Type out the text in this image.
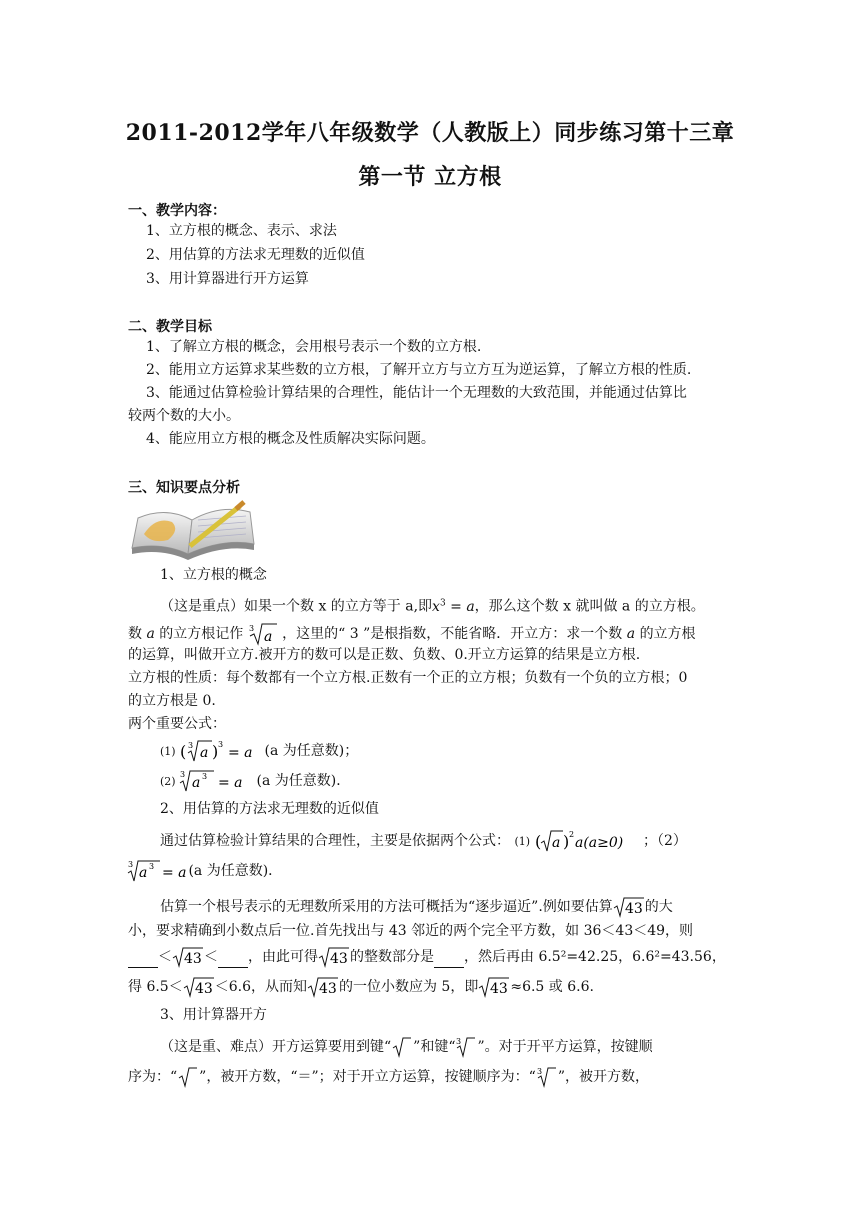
2011-2012学年八年级数学（人教版上）同步练习第十三章
第一节 立方根
一、教学内容：
1、立方根的概念、表示、求法
2、用估算的方法求无理数的近似值
3、用计算器进行开方运算
二、教学目标
1、了解立方根的概念，会用根号表示一个数的立方根.
2、能用立方运算求某些数的立方根，了解开立方与立方互为逆运算，了解立方根的性质.
3、能通过估算检验计算结果的合理性，能估计一个无理数的大致范围，并能通过估算比
较两个数的大小。
4、能应用立方根的概念及性质解决实际问题。
三、知识要点分析
1、立方根的概念
（这是重点）如果一个数 x 的立方等于 a,即$x^3 = a$，那么这个数 x 就叫做 a 的立方根。
数 a 的立方根记作 3
a ，这里的“ 3 ”是根指数，不能省略．开立方：求一个数 a 的立方根
的运算，叫做开立方.被开方的数可以是正数、负数、0.开立方运算的结果是立方根.
立方根的性质：每个数都有一个立方根.正数有一个正的立方根；负数有一个负的立方根；0
的立方根是 0.
两个重要公式：
(1) ( 3 a ) 3
= a (a 为任意数)；
(2)
3
a 3 = a (a 为任意数)．
2、用估算的方法求无理数的近似值
通过估算检验计算结果的合理性，主要是依据两个公式： (1) ( a ) 2
a(a≥0) ；（2）
3
a 3 = a (a 为任意数)．
估算一个根号表示的无理数所采用的方法可概括为“逐步逼近”.例如要估算 43 的大
小，要求精确到小数点后一位.首先找出与 43 邻近的两个完全平方数，如 36＜43＜49，则
＜ 43 ＜ ，由此可得 43 的整数部分是 ，然后再由 6.5²=42.25，6.6²=43.56，
得 6.5＜ 43 ＜6.6，从而知 43 的一位小数应为 5，即 43 ≈6.5 或 6.6.
3、用计算器开方
（这是重、难点）开方运算要用到键“ ”和键“ 3 ”。对于开平方运算，按键顺
序为：“ ”，被开方数，“＝”；对于开立方运算，按键顺序为：“ 3 ”，被开方数，
